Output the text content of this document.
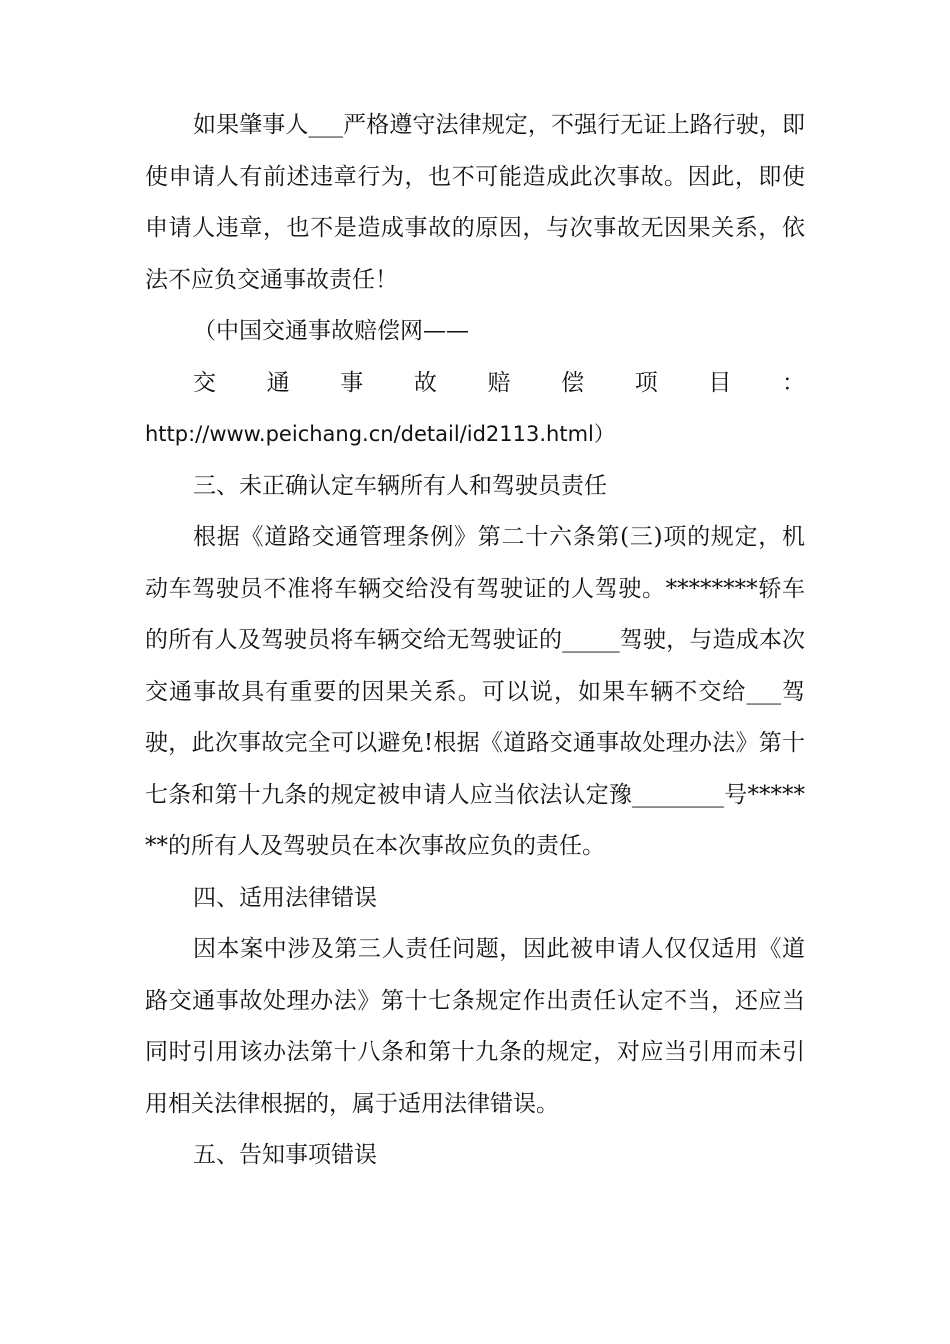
如果肇事人___严格遵守法律规定，不强行无证上路行驶，即使申请人有前述违章行为，也不可能造成此次事故。因此，即使申请人违章，也不是造成事故的原因，与次事故无因果关系，依法不应负交通事故责任！

（中国交通事故赔偿网——

交　　通　　事　　故　　赔　　偿　　项　　目　　：

http://www.peichang.cn/detail/id2113.html）

三、未正确认定车辆所有人和驾驶员责任

根据《道路交通管理条例》第二十六条第(三)项的规定，机动车驾驶员不准将车辆交给没有驾驶证的人驾驶。********轿车的所有人及驾驶员将车辆交给无驾驶证的_____驾驶，与造成本次交通事故具有重要的因果关系。可以说，如果车辆不交给___驾驶，此次事故完全可以避免!根据《道路交通事故处理办法》第十七条和第十九条的规定被申请人应当依法认定豫________号*******的所有人及驾驶员在本次事故应负的责任。

四、适用法律错误

因本案中涉及第三人责任问题，因此被申请人仅仅适用《道路交通事故处理办法》第十七条规定作出责任认定不当，还应当同时引用该办法第十八条和第十九条的规定，对应当引用而未引用相关法律根据的，属于适用法律错误。

五、告知事项错误
